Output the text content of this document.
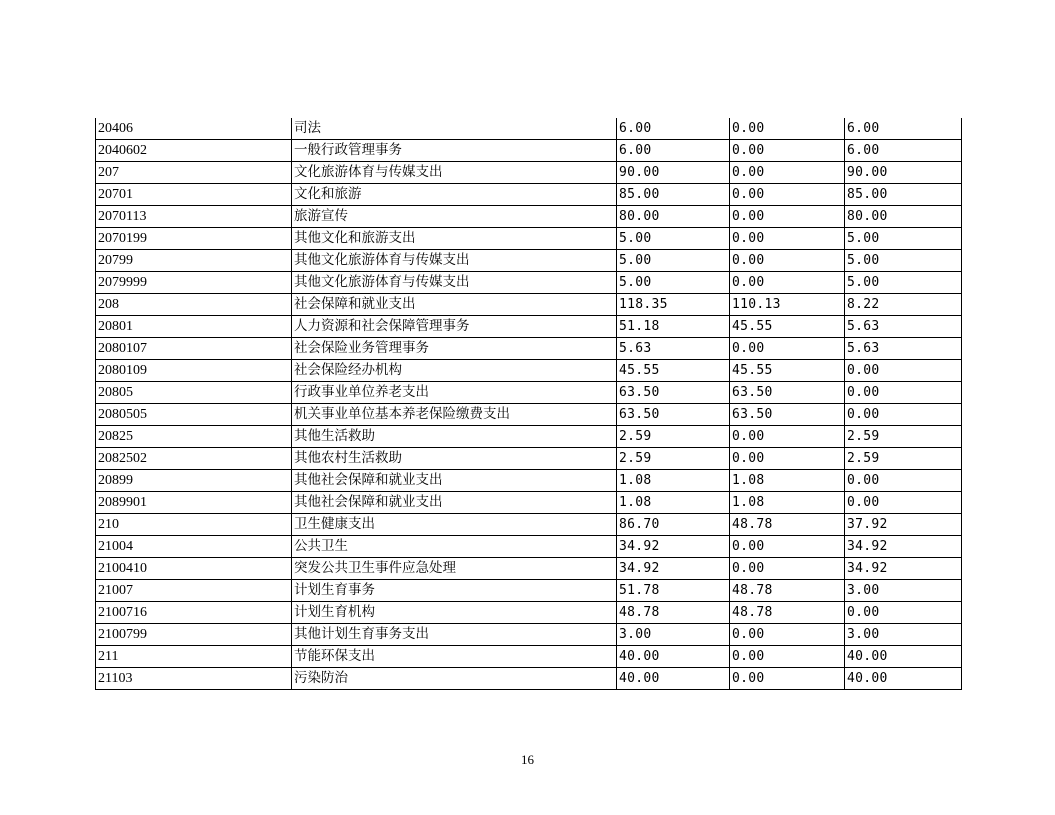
20406	司法	6.00	0.00	6.00
2040602	一般行政管理事务	6.00	0.00	6.00
207	文化旅游体育与传媒支出	90.00	0.00	90.00
20701	文化和旅游	85.00	0.00	85.00
2070113	旅游宣传	80.00	0.00	80.00
2070199	其他文化和旅游支出	5.00	0.00	5.00
20799	其他文化旅游体育与传媒支出	5.00	0.00	5.00
2079999	其他文化旅游体育与传媒支出	5.00	0.00	5.00
208	社会保障和就业支出	118.35	110.13	8.22
20801	人力资源和社会保障管理事务	51.18	45.55	5.63
2080107	社会保险业务管理事务	5.63	0.00	5.63
2080109	社会保险经办机构	45.55	45.55	0.00
20805	行政事业单位养老支出	63.50	63.50	0.00
2080505	机关事业单位基本养老保险缴费支出	63.50	63.50	0.00
20825	其他生活救助	2.59	0.00	2.59
2082502	其他农村生活救助	2.59	0.00	2.59
20899	其他社会保障和就业支出	1.08	1.08	0.00
2089901	其他社会保障和就业支出	1.08	1.08	0.00
210	卫生健康支出	86.70	48.78	37.92
21004	公共卫生	34.92	0.00	34.92
2100410	突发公共卫生事件应急处理	34.92	0.00	34.92
21007	计划生育事务	51.78	48.78	3.00
2100716	计划生育机构	48.78	48.78	0.00
2100799	其他计划生育事务支出	3.00	0.00	3.00
211	节能环保支出	40.00	0.00	40.00
21103	污染防治	40.00	0.00	40.00
16
